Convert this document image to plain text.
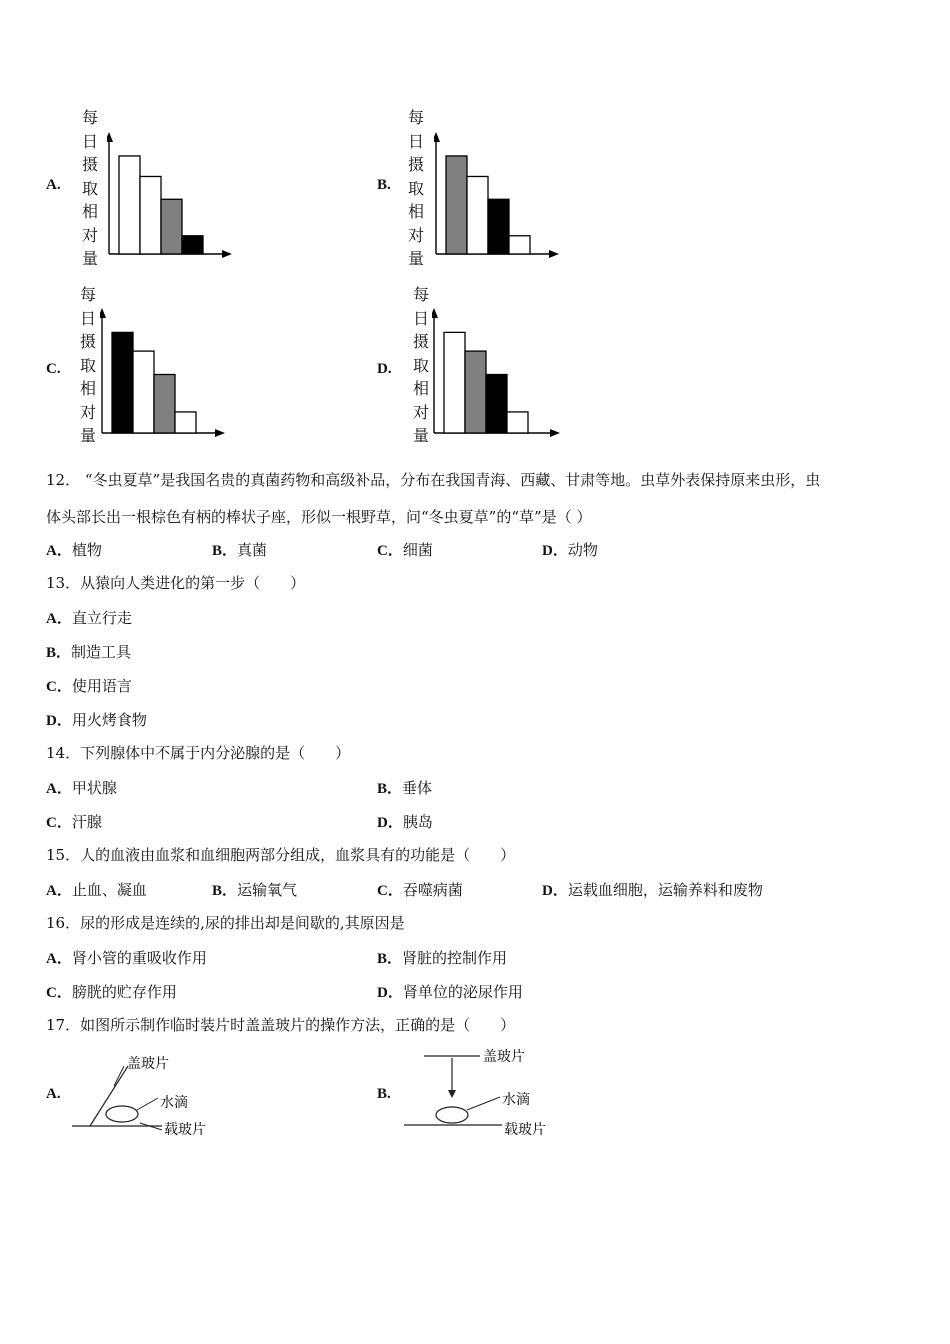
A.
每
日
摄
取
相
对
量
B.
每
日
摄
取
相
对
量
C.
每
日
摄
取
相
对
量
D.
每
日
摄
取
相
对
量
12． “冬虫夏草”是我国名贵的真菌药物和高级补品，分布在我国青海、西藏、甘肃等地。虫草外表保持原来虫形，虫
体头部长出一根棕色有柄的棒状子座，形似一根野草，问“冬虫夏草”的“草”是（ ）
A．植物	B．真菌	C．细菌	D．动物
13．从猿向人类进化的第一步（　　）
A．直立行走
B．制造工具
C．使用语言
D．用火烤食物
14．下列腺体中不属于内分泌腺的是（　　）
A．甲状腺	B．垂体
C．汗腺	D．胰岛
15．人的血液由血浆和血细胞两部分组成，血浆具有的功能是（　　）
A．止血、凝血	B．运输氧气	C．吞噬病菌	D．运载血细胞，运输养料和废物
16．尿的形成是连续的,尿的排出却是间歇的,其原因是
A．肾小管的重吸收作用	B．肾脏的控制作用
C．膀胱的贮存作用	D．肾单位的泌尿作用
17．如图所示制作临时装片时盖盖玻片的操作方法，正确的是（　　）
A.
盖玻片
水滴
载玻片
B.
盖玻片
水滴
载玻片
